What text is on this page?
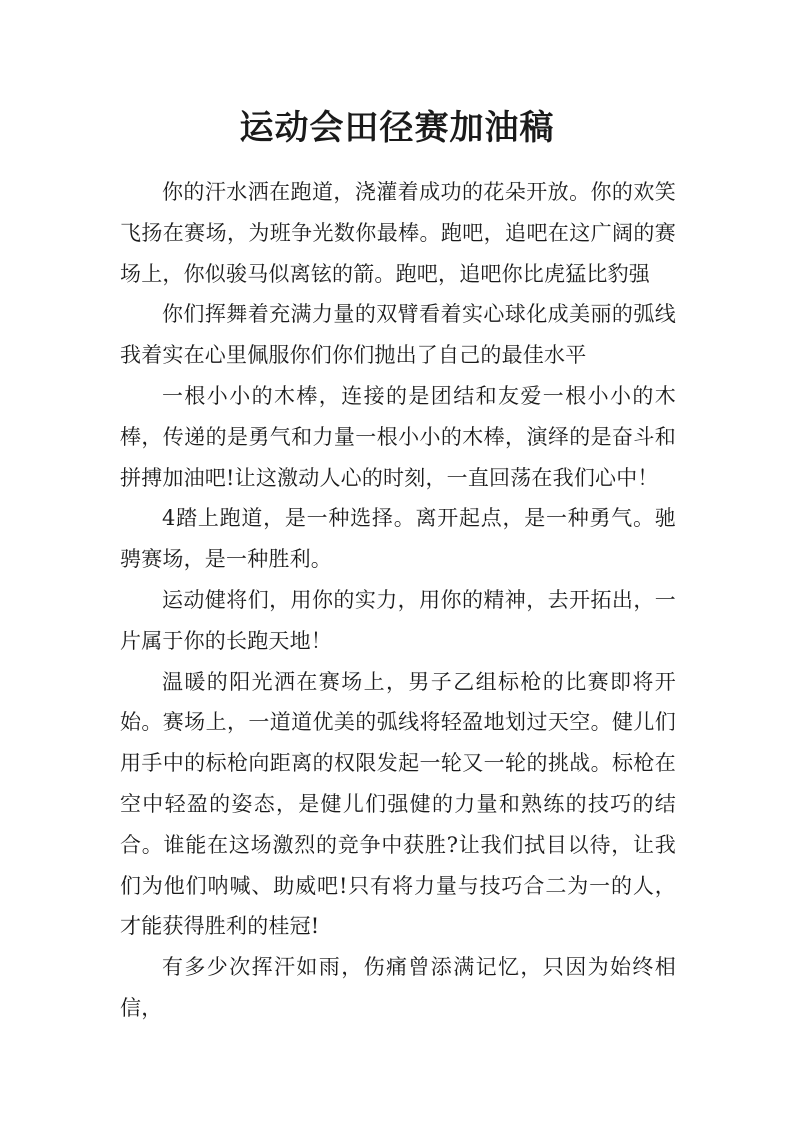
运动会田径赛加油稿

你的汗水洒在跑道，浇灌着成功的花朵开放。你的欢笑飞扬在赛场，为班争光数你最棒。跑吧，追吧在这广阔的赛场上，你似骏马似离铉的箭。跑吧，追吧你比虎猛比豹强

你们挥舞着充满力量的双臂看着实心球化成美丽的弧线我着实在心里佩服你们你们抛出了自己的最佳水平

一根小小的木棒，连接的是团结和友爱一根小小的木棒，传递的是勇气和力量一根小小的木棒，演绎的是奋斗和拼搏加油吧!让这激动人心的时刻，一直回荡在我们心中！

4踏上跑道，是一种选择。离开起点，是一种勇气。驰骋赛场，是一种胜利。

运动健将们，用你的实力，用你的精神，去开拓出，一片属于你的长跑天地！

温暖的阳光洒在赛场上，男子乙组标枪的比赛即将开始。赛场上，一道道优美的弧线将轻盈地划过天空。健儿们用手中的标枪向距离的权限发起一轮又一轮的挑战。标枪在空中轻盈的姿态，是健儿们强健的力量和熟练的技巧的结合。谁能在这场激烈的竞争中获胜?让我们拭目以待，让我们为他们呐喊、助威吧!只有将力量与技巧合二为一的人，才能获得胜利的桂冠!

有多少次挥汗如雨，伤痛曾添满记忆，只因为始终相信，
